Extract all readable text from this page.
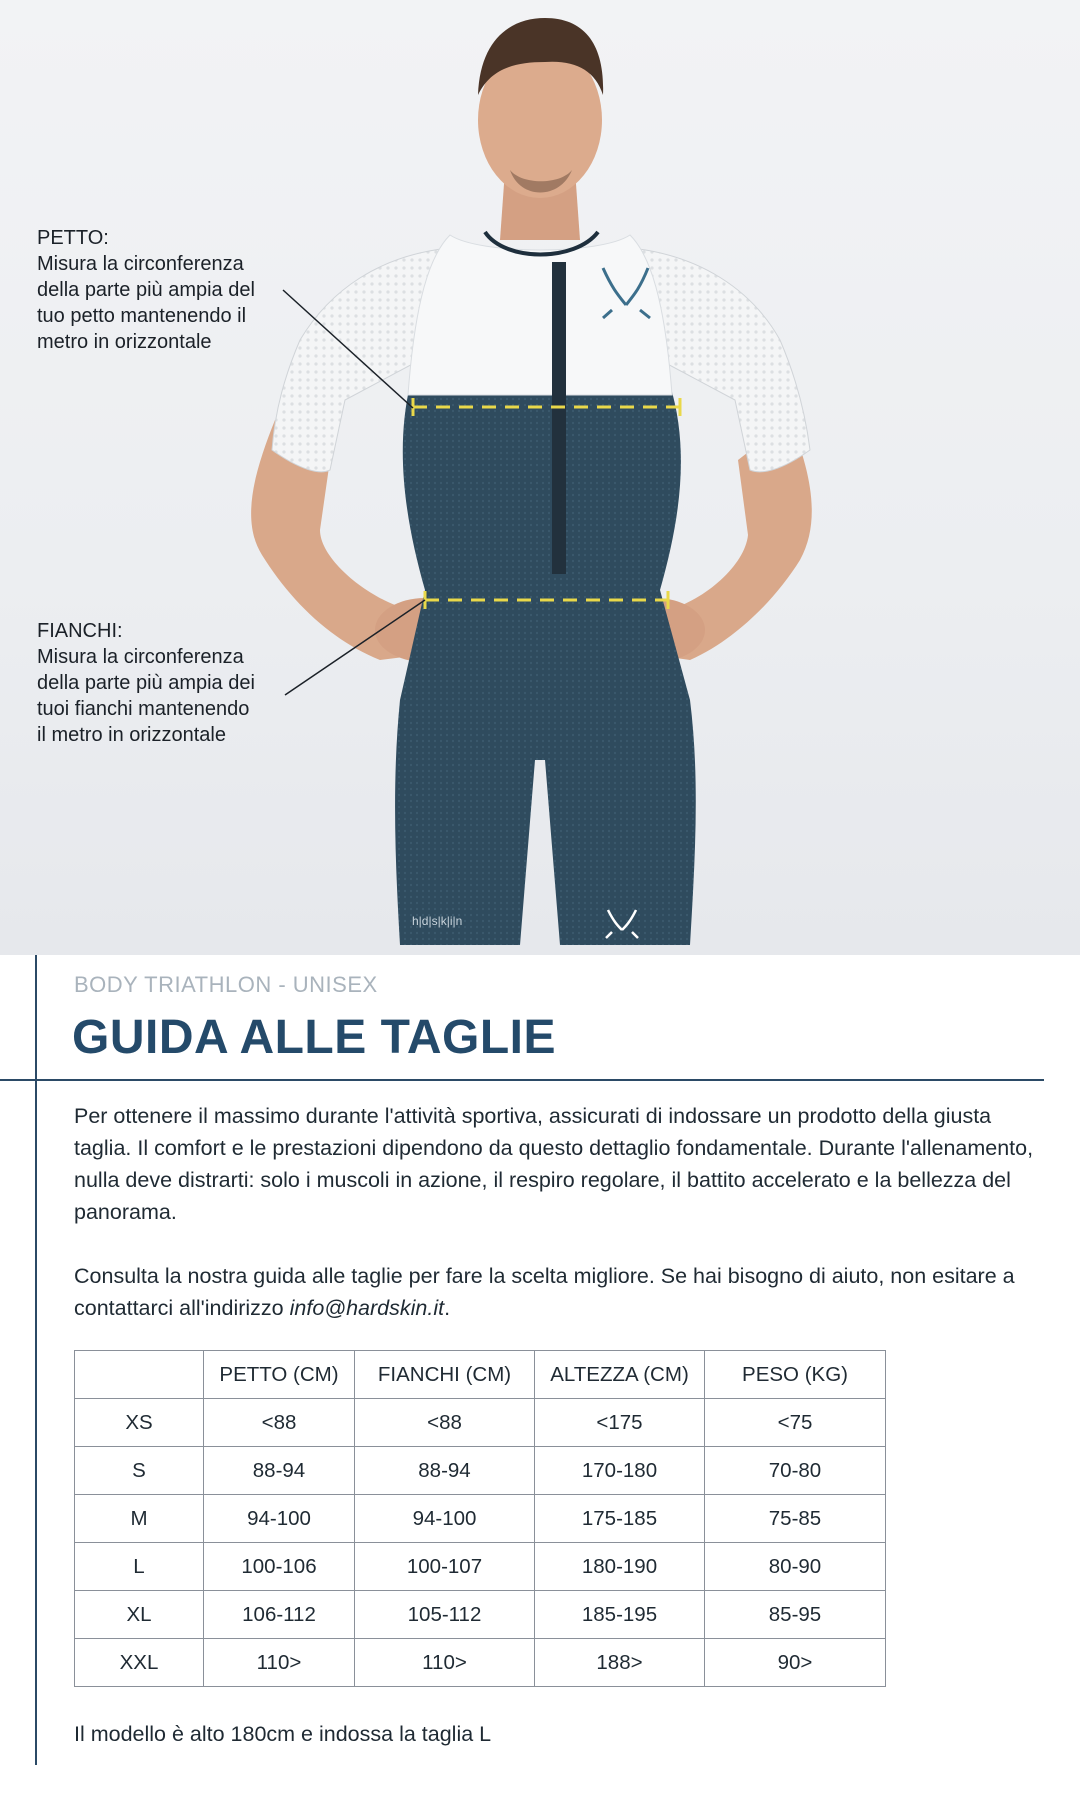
h|d|s|k|i|n
PETTO:
Misura la circonferenza
della parte più ampia del
tuo petto mantenendo il
metro in orizzontale
FIANCHI:
Misura la circonferenza
della parte più ampia dei
tuoi fianchi mantenendo
il metro in orizzontale
BODY TRIATHLON - UNISEX
GUIDA ALLE TAGLIE

Per ottenere il massimo durante l'attività sportiva, assicurati di indossare un prodotto della giusta taglia. Il comfort e le prestazioni dipendono da questo dettaglio fondamentale. Durante l'allenamento, nulla deve distrarti: solo i muscoli in azione, il respiro regolare, il battito accelerato e la bellezza del panorama.

Consulta la nostra guida alle taglie per fare la scelta migliore. Se hai bisogno di aiuto, non esitare a contattarci all'indirizzo info@hardskin.it.

	PETTO (CM)	FIANCHI (CM)	ALTEZZA (CM)	PESO (KG)
XS	<88	<88	<175	<75
S	88-94	88-94	170-180	70-80
M	94-100	94-100	175-185	75-85
L	100-106	100-107	180-190	80-90
XL	106-112	105-112	185-195	85-95
XXL	110>	110>	188>	90>
Il modello è alto 180cm e indossa la taglia L
